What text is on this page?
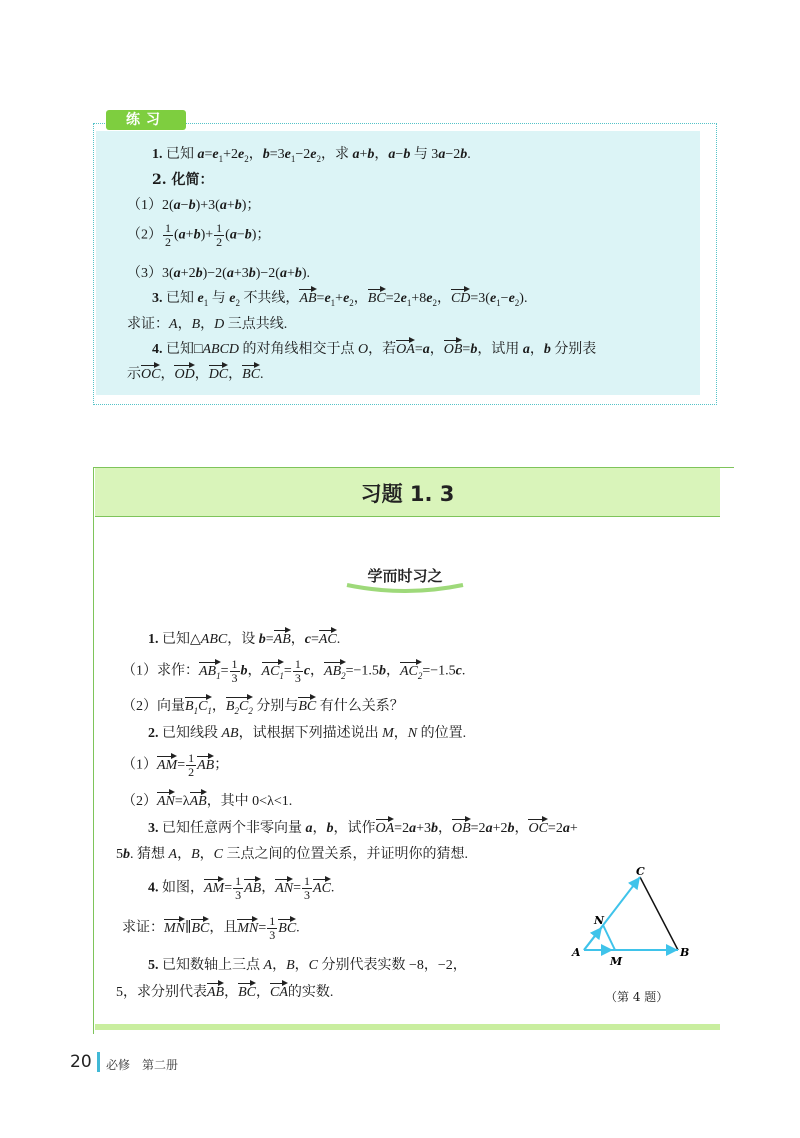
练习
1. 已知 $a=e_1+2e_2$，$b=3e_1-2e_2$，求 a+b，a−b 与 3a−2b.
2. 化简：
（1）2(a−b)+3(a+b)；
$(2) \frac{1}{2} (a+b)+ \frac{1}{2} (a-b)$；
（3）3(a+2b)−2(a+3b)−2(a+b).
3. 已知 $e_1$ 与 $e_2$ 不共线，$AB=e_1+e_2$，$BC=2e_1+8e_2$，$CD=3(e_1-e_2)$.
求证：A，B，D 三点共线.
4. 已知□ABCD 的对角线相交于点 O，若OA=a，OB=b，试用 a，b 分别表
示OC，OD，DC，BC.
习题 1. 3
学而时习之
1. 已知△ABC，设 b=AB，c=AC.
（1）求作：$AB_1= \frac{1}{3}$ b，$AC_1= \frac{1}{3}$ c，$AB_2=-1.5b$，$AC_2=-1.5c$.
（2）向量$B_1C_1$，$B_2C_2$ 分别与BC 有什么关系？
2. 已知线段 AB，试根据下列描述说出 M，N 的位置.
$(1)AM= \frac{1}{2}$ AB；
（2）AN=λAB，其中 0<λ<1.
3. 已知任意两个非零向量 a，b，试作OA=2a+3b，OB=2a+2b，OC=2a+
5b. 猜想 A，B，C 三点之间的位置关系，并证明你的猜想.
4. 如图，$AM= \frac{1}{3}$ AB，$AN= \frac{1}{3}$ AC.
求证：MN∥BC，且$MN= \frac{1}{3}$ BC.
5. 已知数轴上三点 A，B，C 分别代表实数 −8，−2，
5，求分别代表AB，BC，CA的实数.
C
N
A
M
B
（第 4 题）
20 必修　第二册
